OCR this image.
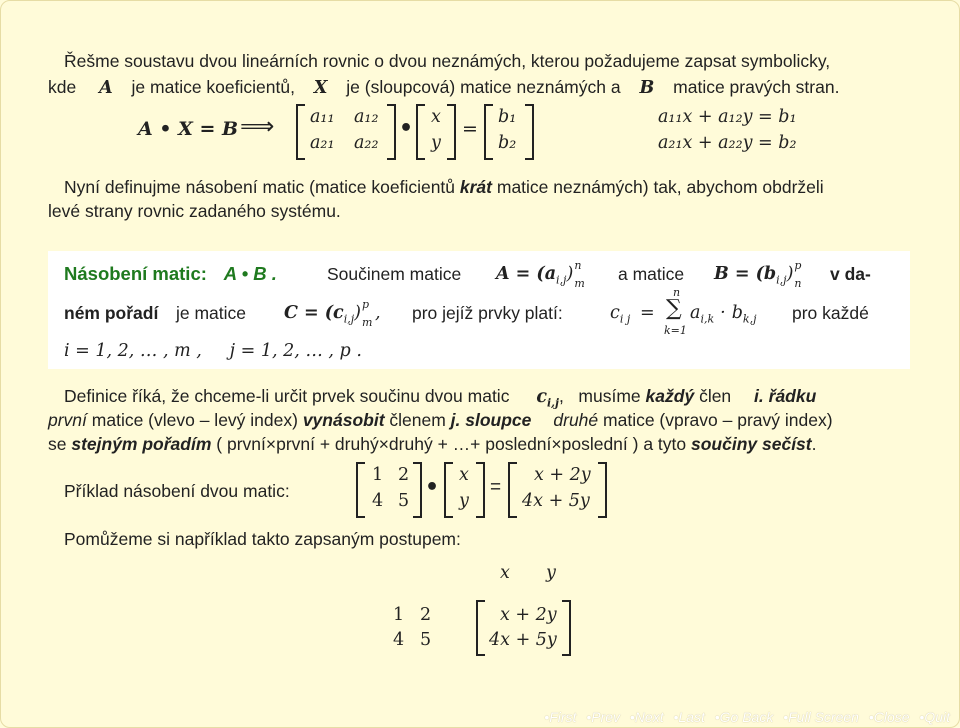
Řešme soustavu dvou lineárních rovnic o dvou neznámých, kterou požadujeme zapsat symbolicky,
kde A je matice koeficientů, X je (sloupcová) matice neznámých a B matice pravých stran.
A • X = B ⟹ a₁₁ a₁₂
a₂₁ a₂₂
• x
y
=
b₁
b₂
a₁₁x + a₁₂y = b₁
a₂₁x + a₂₂y = b₂
Nyní definujme násobení matic (matice koeficientů krát matice neznámých) tak, abychom obdrželi
levé strany rovnic zadaného systému.
Násobení matic: A • B .	Součinem matice $A = (a_{i,j})$ n
m a matice $B = (b_{i,j})$ p
n v da-
ném pořadí je matice $C = (c_{i,j})$ p
m , pro jejíž prvky platí:	$c_{i j}$ =
n
∑
k=1
$a_{i,k} \cdot b_{k,j}$ pro každé
i = 1, 2, … , m ,     j = 1, 2, … , p .
Definice říká, že chceme-li určit prvek součinu dvou matic $c_{i,j}$,   musíme každý člen i. řádku
první matice (vlevo – levý index) vynásobit členem j. sloupce druhé matice (vpravo – pravý index)
se stejným pořadím ( první×první + druhý×druhý + …+ poslední×poslední ) a tyto součiny sečíst.
Příklad násobení dvou matic:
1 2
4 5
• x
y
=
x + 2y
4x + 5y
Pomůžeme si například takto zapsaným postupem:
x y
1 2
4 5
x + 2y
4x + 5y
•First •Prev •Next •Last •Go Back •Full Screen •Close •Quit
